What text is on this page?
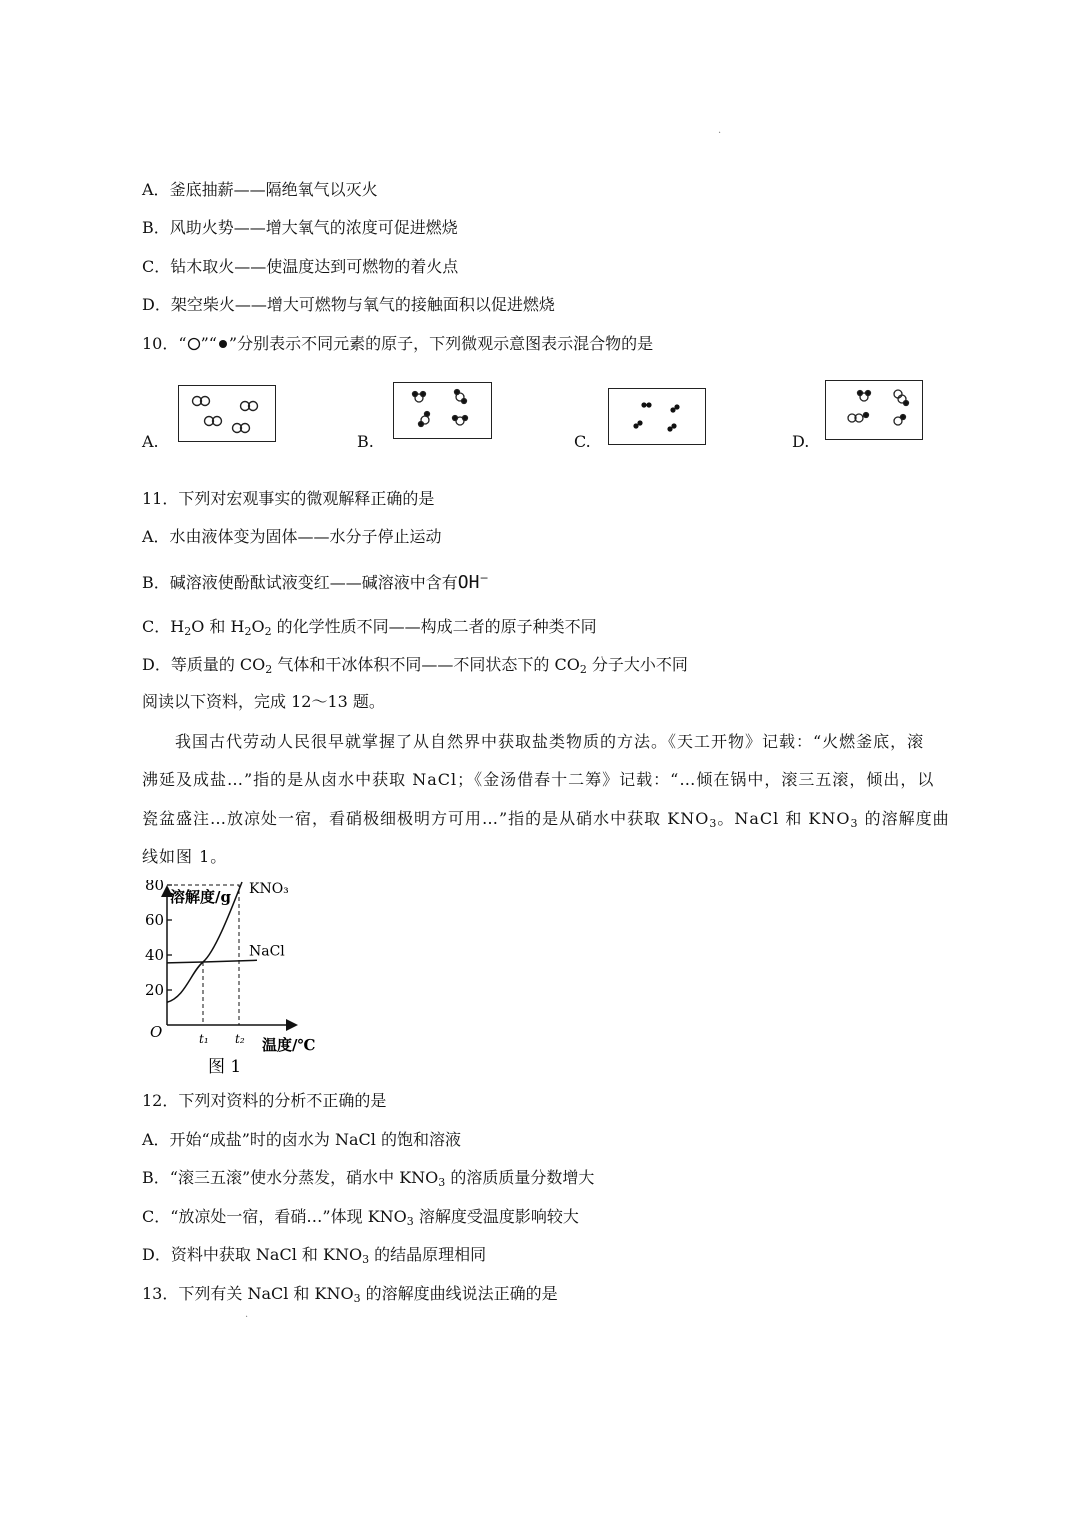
·
·
A．釜底抽薪——隔绝氧气以灭火
B．风助火势——增大氧气的浓度可促进燃烧
C．钻木取火——使温度达到可燃物的着火点
D．架空柴火——增大可燃物与氧气的接触面积以促进燃烧
10．“ ”“ ”分别表示不同元素的原子，下列微观示意图表示混合物的是
A.	B.	C.	D.
11．下列对宏观事实的微观解释正确的是
A．水由液体变为固体——水分子停止运动
B．碱溶液使酚酞试液变红——碱溶液中含有OH−
C．$H_2O$ 和 $H_2O_2$ 的化学性质不同——构成二者的原子种类不同
D．等质量的 $CO_2$ 气体和干冰体积不同——不同状态下的 $CO_2$ 分子大小不同
阅读以下资料，完成 12～13 题。
我国古代劳动人民很早就掌握了从自然界中获取盐类物质的方法。《天工开物》记载：“火燃釜底，滚
沸延及成盐…”指的是从卤水中获取 NaCl；《金汤借春十二筹》记载：“…倾在锅中，滚三五滚，倾出，以
瓷盆盛注…放凉处一宿，看硝极细极明方可用…”指的是从硝水中获取 $KNO_3$。NaCl 和 $KNO_3$ 的溶解度曲
线如图 1。
溶解度/g
温度/℃
O
20
40
60
80
t₁ t₂
KNO₃
NaCl
图 1
12．下列对资料的分析不正确的是
A．开始“成盐”时的卤水为 NaCl 的饱和溶液
B．“滚三五滚”使水分蒸发，硝水中 $KNO_3$ 的溶质质量分数增大
C．“放凉处一宿，看硝…”体现 $KNO_3$ 溶解度受温度影响较大
D．资料中获取 NaCl 和 $KNO_3$ 的结晶原理相同
13．下列有关 NaCl 和 $KNO_3$ 的溶解度曲线说法正确的是
